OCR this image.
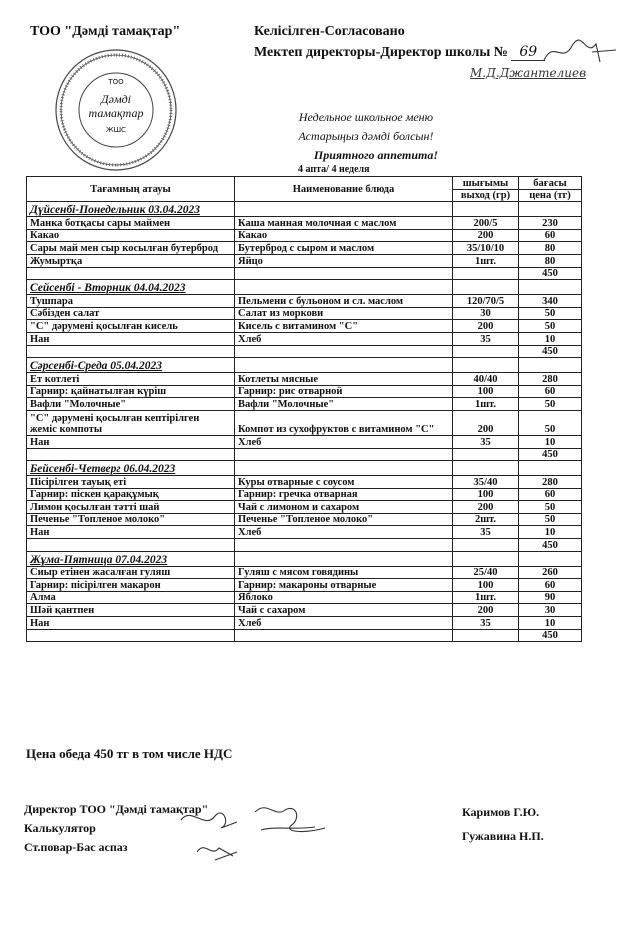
ТОО "Дәмді тамақтар"	Келісілген-Согласовано
Мектеп директоры-Директор школы № 69
М.Д.Джантелиев
ТОО
Дәмді
тамақтар
ЖШС
Недельное школьное меню
Астарыңыз дәмді болсын!
Приятного аппетита!
4 апта/ 4 неделя
Тағамның атауы	Наименование блюда	шығымы	бағасы
		выход (гр)	цена (тг)
Дүйсенбі-Понедельник 03.04.2023			
Манка ботқасы сары маймен	Каша манная молочная с маслом	200/5	230
Какао	Какао	200	60
Сары май мен сыр косылған бутерброд	Бутерброд с сыром и маслом	35/10/10	80
Жумыртқа	Яйцо	1шт.	80
			450
Сейсенбі - Вторник 04.04.2023			
Тушпара	Пельмени с бульоном и сл. маслом	120/70/5	340
Сәбізден салат	Салат из моркови	30	50
"С" дәрумені қосылған кисель	Кисель с витамином "С"	200	50
Нан	Хлеб	35	10
			450
Сәрсенбі-Среда 05.04.2023			
Ет котлеті	Котлеты мясные	40/40	280
Гарнир: қайнатылған күріш	Гарнир: рис отварной	100	60
Вафли "Молочные"	Вафли "Молочные"	1шт.	50
"С" дәрумені қосылған кептірілген
жеміс компоты	Компот из сухофруктов с витамином "С"	200	50
Нан	Хлеб	35	10
			450
Бейсенбі-Четверг 06.04.2023			
Пісірілген тауық еті	Куры отварные с соусом	35/40	280
Гарнир: піскен қарақұмық	Гарнир: гречка отварная	100	60
Лимон қосылған тәтті шай	Чай с лимоном и сахаром	200	50
Печенье "Топленое молоко"	Печенье "Топленое молоко"	2шт.	50
Нан	Хлеб	35	10
			450
Жұма-Пятница 07.04.2023			
Сиыр етінен жасалған гуляш	Гуляш с мясом говядины	25/40	260
Гарнир: пісірілген макарон	Гарнир: макароны отварные	100	60
Алма	Яблоко	1шт.	90
Шәй қантпен	Чай с сахаром	200	30
Нан	Хлеб	35	10
			450
Цена обеда 450 тг в том числе НДС
Директор ТОО "Дәмді тамақтар"
Калькулятор
Ст.повар-Бас аспаз
Каримов Г.Ю.
Гужавина Н.П.
